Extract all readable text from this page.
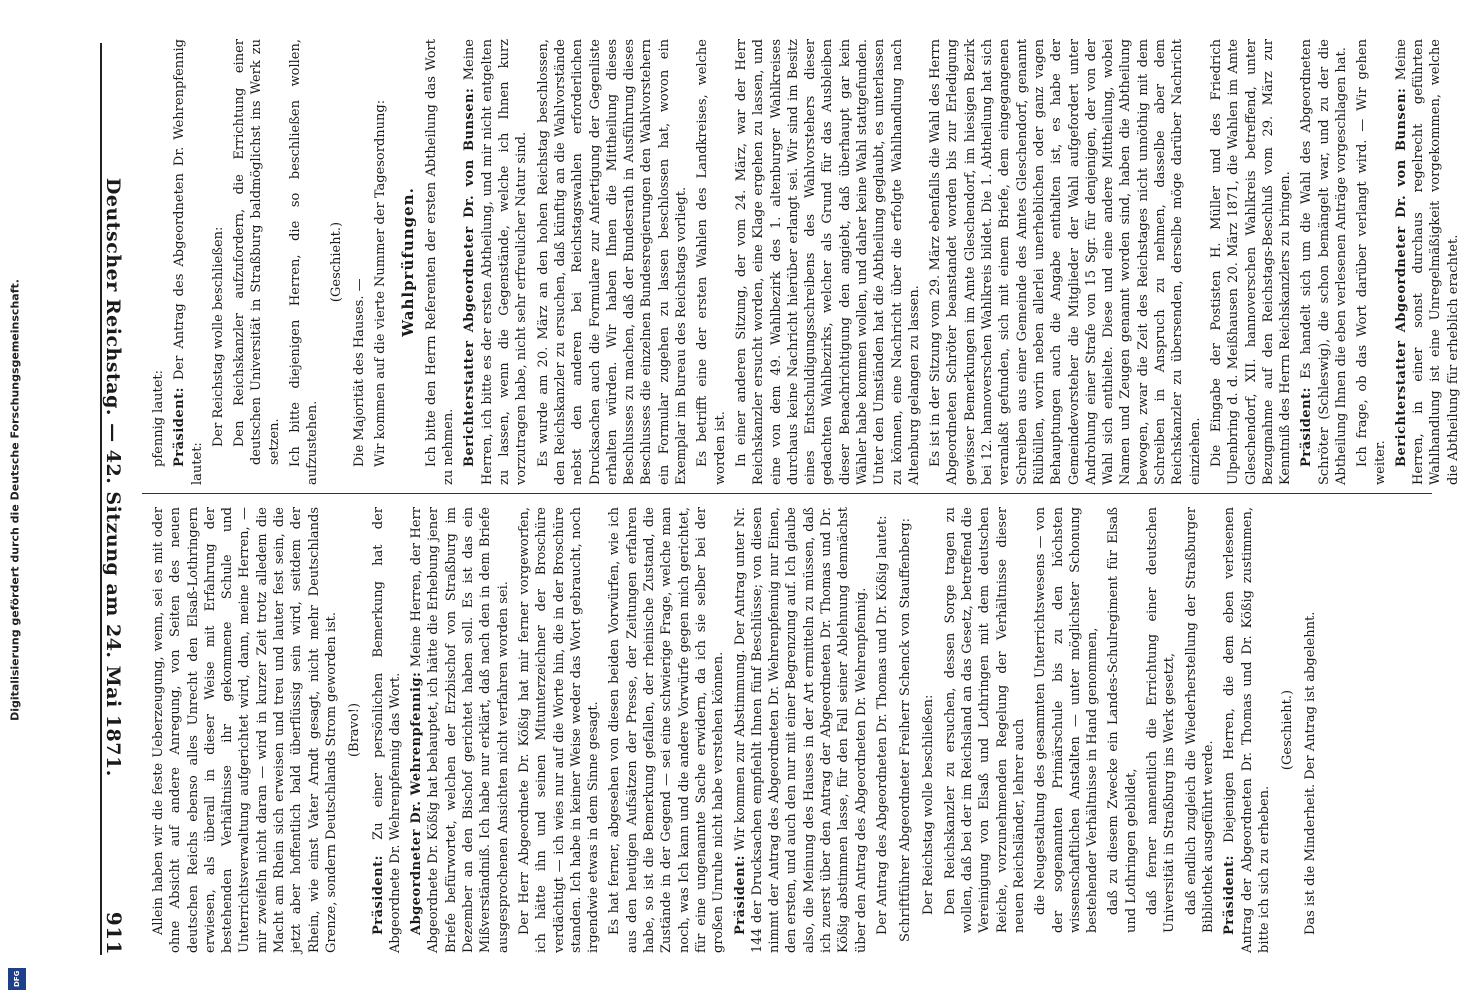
Deutscher Reichstag. — 42. Sitzung am 24. Mai 1871.
911 Allein haben wir die feste Ueberzeugung, wenn, sei es mit oder ohne Absicht auf andere Anregung, von Seiten des neuen deutschen Reichs ebenso alles Unrecht den Elsaß-Lothringern erwiesen, als überall in dieser Weise mit Erfahrung der bestehenden Verhältnisse ihr gekommene Schule und Unterrichtsverwaltung aufgerichtet wird, dann, meine Herren, — mir zweifeln nicht daran — wird in kurzer Zeit trotz alledem die Macht am Rhein sich erweisen und treu und lauter fest sein, die jetzt aber hoffentlich bald überflüssig sein wird, seitdem der Rhein, wie einst Vater Arndt gesagt, nicht mehr Deutschlands Grenze, sondern Deutschlands Strom geworden ist. (Bravo!)

Präsident: Zu einer persönlichen Bemerkung hat der Abgeordnete Dr. Wehrenpfennig das Wort. Abgeordneter Dr. Wehrenpfennig: Meine Herren, der Herr Abgeordnete Dr. Kößig hat behauptet, ich hätte die Erhebung jener Briefe befürwortet, welchen der Erzbischof von Straßburg im Dezember an den Bischof gerichtet haben soll. Es ist das ein Mißverständniß. Ich habe nur erklärt, daß nach den in dem Briefe ausgesprochenen Ansichten nicht verfahren worden sei. Der Herr Abgeordnete Dr. Kößig hat mir ferner vorgeworfen, ich hätte ihn und seinen Mitunterzeichner der Broschüre verdächtigt — ich wies nur auf die Worte hin, die in der Broschüre standen. Ich habe in keiner Weise weder das Wort gebraucht, noch irgendwie etwas in dem Sinne gesagt. Es hat ferner, abgesehen von diesen beiden Vorwürfen, wie ich aus den heutigen Aufsätzen der Presse, der Zeitungen erfahren habe, so ist die Bemerkung gefallen, der rheinische Zustand, die Zustände in der Gegend — sei eine schwierige Frage, welche man noch, was Ich kann und die andere Vorwürfe gegen mich gerichtet, für eine ungenannte Sache erwidern, da ich sie selber bei der großen Unruhe nicht habe verstehen können. Präsident: Wir kommen zur Abstimmung. Der Antrag unter Nr. 144 der Drucksachen empfiehlt Ihnen fünf Beschlüsse; von diesen nimmt der Antrag des Abgeordneten Dr. Wehrenpfennig nur Einen, den ersten, und auch den nur mit einer Begrenzung auf. Ich glaube also, die Meinung des Hauses in der Art ermitteln zu müssen, daß ich zuerst über den Antrag der Abgeordneten Dr. Thomas und Dr. Kößig abstimmen lasse, für den Fall seiner Ablehnung demnächst über den Antrag des Abgeordneten Dr. Wehrenpfennig. Der Antrag des Abgeordneten Dr. Thomas und Dr. Kößig lautet: Schriftführer Abgeordneter Freiherr Schenck von Stauffenberg: Der Reichstag wolle beschließen: Den Reichskanzler zu ersuchen, dessen Sorge tragen zu wollen, daß bei der im Reichsland an das Gesetz, betreffend die Vereinigung von Elsaß und Lothringen mit dem deutschen Reiche, vorzunehmenden Regelung der Verhältnisse dieser neuen Reichsländer, lehrer auch die Neugestaltung des gesammten Unterrichtswesens — von der sogenannten Primärschule bis zu den höchsten wissenschaftlichen Anstalten — unter möglichster Schonung bestehender Verhältnisse in Hand genommen, daß zu diesem Zwecke ein Landes-Schulregiment für Elsaß und Lothringen gebildet, daß ferner namentlich die Errichtung einer deutschen Universität in Straßburg ins Werk gesetzt, daß endlich zugleich die Wiederherstellung der Straßburger Bibliothek ausgeführt werde. Präsident: Diejenigen Herren, die dem eben verlesenen Antrag der Abgeordneten Dr. Thomas und Dr. Kößig zustimmen, bitte ich sich zu erheben.

(Geschieht.) Das ist die Minderheit. Der Antrag ist abgelehnt.

pfennig lautet: Präsident: Der Antrag des Abgeordneten Dr. Wehrenpfennig lautet:

Der Reichstag wolle beschließen: Den Reichskanzler aufzufordern, die Errichtung einer deutschen Universität in Straßburg baldmöglichst ins Werk zu setzen. Ich bitte diejenigen Herren, die so beschließen wollen, aufzustehen.

(Geschieht.)

Die Majorität des Hauses. — Wir kommen auf die vierte Nummer der Tagesordnung: Wahlprüfungen. Ich bitte den Herrn Referenten der ersten Abtheilung das Wort zu nehmen. Berichterstatter Abgeordneter Dr. von Bunsen: Meine Herren, ich bitte es der ersten Abtheilung, und mir nicht entgelten zu lassen, wenn die Gegenstände, welche ich Ihnen kurz vorzutragen habe, nicht sehr erfreulicher Natur sind. Es wurde am 20. März an den hohen Reichstag beschlossen, den Reichskanzler zu ersuchen, daß künftig an die Wahlvorstände nebst den anderen bei Reichstagswahlen erforderlichen Drucksachen auch die Formulare zur Anfertigung der Gegenliste erhalten würden. Wir haben Ihnen die Mittheilung dieses Beschlusses zu machen, daß der Bundesrath in Ausführung dieses Beschlusses die einzelnen Bundesregierungen den Wahlvorstehern ein Formular zugehen zu lassen beschlossen hat, wovon ein Exemplar im Bureau des Reichstags vorliegt. Es betrifft eine der ersten Wahlen des Landkreises, welche worden ist. In einer anderen Sitzung, der vom 24. März, war der Herr Reichskanzler ersucht worden, eine Klage ergehen zu lassen, und eine von dem 49. Wahlbezirk des 1. altenburger Wahlkreises durchaus keine Nachricht hierüber erlangt sei. Wir sind im Besitz eines Entschuldigungsschreibens des Wahlvorstehers dieser gedachten Wahlbezirks, welcher als Grund für das Ausbleiben dieser Benachrichtigung den angiebt, daß überhaupt gar kein Wähler habe kommen wollen, und daher keine Wahl stattgefunden. Unter den Umständen hat die Abtheilung geglaubt, es unterlassen zu können, eine Nachricht über die erfolgte Wahlhandlung nach Altenburg gelangen zu lassen. Es ist in der Sitzung vom 29. März ebenfalls die Wahl des Herrn Abgeordneten Schröter beanstandet worden bis zur Erledigung gewisser Bemerkungen im Amte Gleschendorf, im hiesigen Bezirk bei 12. hannoverschen Wahlkreis bildet. Die 1. Abtheilung hat sich veranlaßt gefunden, sich mit einem Briefe, dem eingegangenen Schreiben aus einer Gemeinde des Amtes Gleschendorf, genannt Rülbüllen, worin neben allerlei unerheblichen oder ganz vagen Behauptungen auch die Angabe enthalten ist, es habe der Gemeindevorsteher die Mitglieder der Wahl aufgefordert unter Androhung einer Strafe von 15 Sgr. für denjenigen, der von der Wahl sich enthielte. Diese und eine andere Mittheilung, wobei Namen und Zeugen genannt worden sind, haben die Abtheilung bewogen, zwar die Zeit des Reichstages nicht unnöthig mit dem Schreiben in Anspruch zu nehmen, dasselbe aber dem Reichskanzler zu übersenden, derselbe möge darüber Nachricht einziehen. Die Eingabe der Postisten H. Müller und des Friedrich Ulpenbring d. d. Meißhausen 20. März 1871, die Wahlen im Amte Gleschendorf, XII. hannoverschen Wahlkreis betreffend, unter Bezugnahme auf den Reichstags-Beschluß vom 29. März zur Kenntniß des Herrn Reichskanzlers zu bringen. Präsident: Es handelt sich um die Wahl des Abgeordneten Schröter (Schleswig), die schon bemängelt war, und zu der die Abtheilung Ihnen die eben verlesenen Anträge vorgeschlagen hat. Ich frage, ob das Wort darüber verlangt wird. — Wir gehen weiter. Berichterstatter Abgeordneter Dr. von Bunsen: Meine Herren, in einer sonst durchaus regelrecht geführten Wahlhandlung ist eine Unregelmäßigkeit vorgekommen, welche die Abtheilung für erheblich erachtet.

Digitalisierung gefördert durch die Deutsche Forschungsgemeinschaft.
DFG
